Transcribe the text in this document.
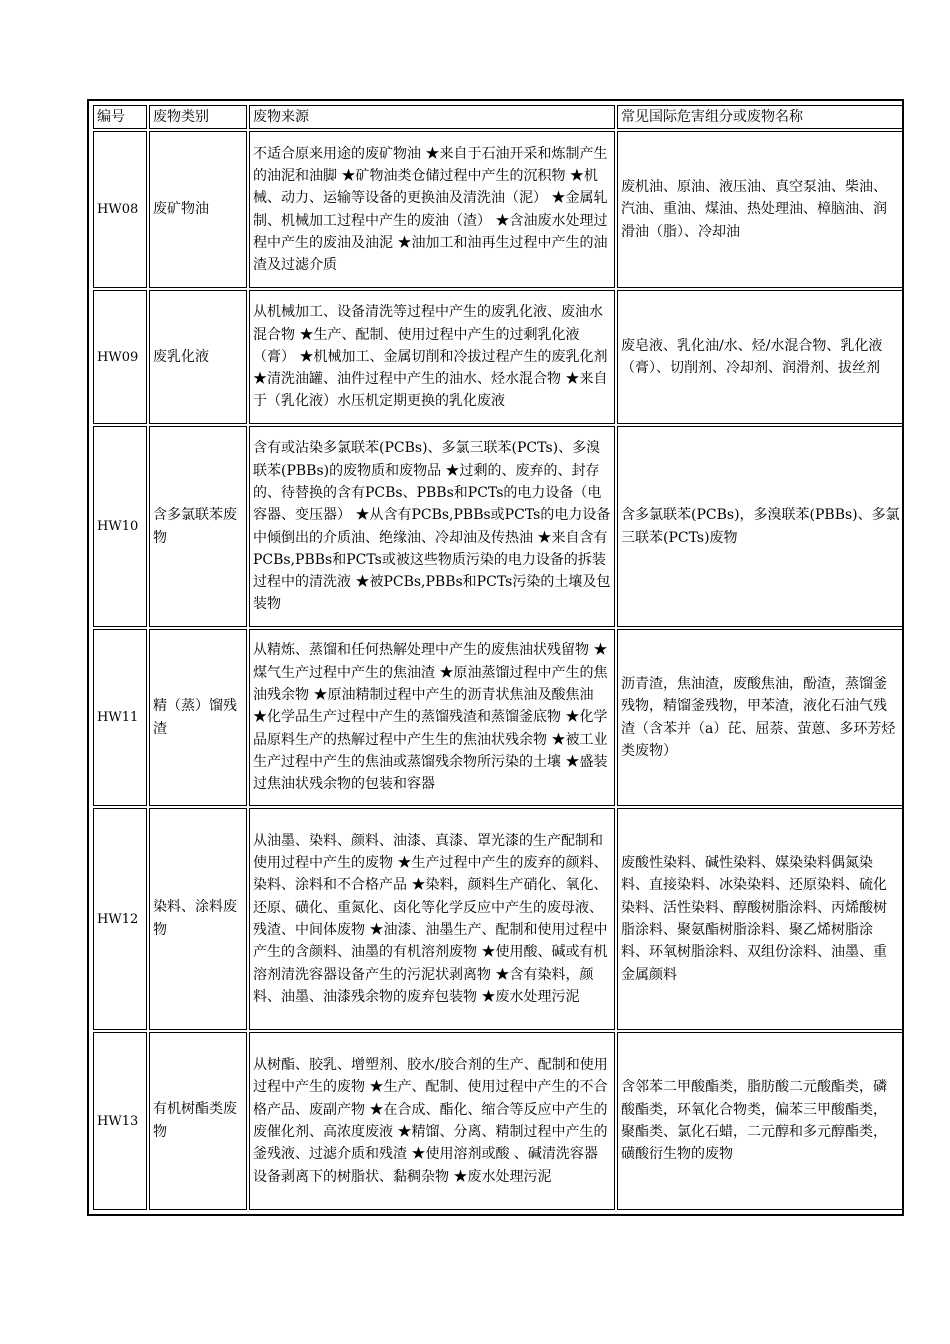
编号	废物类别	废物来源	常见国际危害组分或废物名称
HW08	废矿物油	不适合原来用途的废矿物油 ★来自于石油开采和炼制产生的油泥和油脚 ★矿物油类仓储过程中产生的沉积物 ★机械、动力、运输等设备的更换油及清洗油（泥） ★金属轧制、机械加工过程中产生的废油（渣） ★含油废水处理过程中产生的废油及油泥 ★油加工和油再生过程中产生的油渣及过滤介质	废机油、原油、液压油、真空泵油、柴油、汽油、重油、煤油、热处理油、樟脑油、润滑油（脂）、冷却油
HW09	废乳化液	从机械加工、设备清洗等过程中产生的废乳化液、废油水混合物 ★生产、配制、使用过程中产生的过剩乳化液（膏） ★机械加工、金属切削和冷拔过程产生的废乳化剂 ★清洗油罐、油件过程中产生的油水、烃水混合物 ★来自于（乳化液）水压机定期更换的乳化废液	废皂液、乳化油/水、烃/水混合物、乳化液（膏）、切削剂、冷却剂、润滑剂、拔丝剂
HW10	含多氯联苯废物	含有或沾染多氯联苯(PCBs)、多氯三联苯(PCTs)、多溴联苯(PBBs)的废物质和废物品 ★过剩的、废弃的、封存的、待替换的含有PCBs、PBBs和PCTs的电力设备（电容器、变压器） ★从含有PCBs,PBBs或PCTs的电力设备中倾倒出的介质油、绝缘油、冷却油及传热油 ★来自含有PCBs,PBBs和PCTs或被这些物质污染的电力设备的拆装过程中的清洗液 ★被PCBs,PBBs和PCTs污染的土壤及包装物	含多氯联苯(PCBs)，多溴联苯(PBBs)、多氯三联苯(PCTs)废物
HW11	精（蒸）馏残渣	从精炼、蒸馏和任何热解处理中产生的废焦油状残留物 ★煤气生产过程中产生的焦油渣 ★原油蒸馏过程中产生的焦油残余物 ★原油精制过程中产生的沥青状焦油及酸焦油 ★化学品生产过程中产生的蒸馏残渣和蒸馏釜底物 ★化学品原料生产的热解过程中产生生的焦油状残余物 ★被工业生产过程中产生的焦油或蒸馏残余物所污染的土壤 ★盛装过焦油状残余物的包装和容器	沥青渣，焦油渣，废酸焦油，酚渣，蒸馏釜残物，精馏釜残物，甲苯渣，液化石油气残渣（含苯并（a）芘、屈萘、萤蒽、多环芳烃类废物）
HW12	染料、涂料废物	从油墨、染料、颜料、油漆、真漆、罩光漆的生产配制和使用过程中产生的废物 ★生产过程中产生的废弃的颜料、染料、涂料和不合格产品 ★染料，颜料生产硝化、氧化、还原、磺化、重氮化、卤化等化学反应中产生的废母液、残渣、中间体废物 ★油漆、油墨生产、配制和使用过程中产生的含颜料、油墨的有机溶剂废物 ★使用酸、碱或有机溶剂清洗容器设备产生的污泥状剥离物 ★含有染料，颜料、油墨、油漆残余物的废弃包装物 ★废水处理污泥	废酸性染料、碱性染料、媒染染料偶氮染料、直接染料、冰染染料、还原染料、硫化染料、活性染料、醇酸树脂涂料、丙烯酸树脂涂料、聚氨酯树脂涂料、聚乙烯树脂涂料、环氧树脂涂料、双组份涂料、油墨、重金属颜料
HW13	有机树酯类废物	从树酯、胶乳、增塑剂、胶水/胶合剂的生产、配制和使用过程中产生的废物 ★生产、配制、使用过程中产生的不合格产品、废副产物 ★在合成、酯化、缩合等反应中产生的废催化剂、高浓度废液 ★精馏、分离、精制过程中产生的釜残液、过滤介质和残渣 ★使用溶剂或酸 、碱清洗容器设备剥离下的树脂状、黏稠杂物 ★废水处理污泥	含邻苯二甲酸酯类，脂肪酸二元酸酯类，磷酸酯类，环氧化合物类，偏苯三甲酸酯类，聚酯类、氯化石蜡，二元醇和多元醇酯类，磺酸衍生物的废物
